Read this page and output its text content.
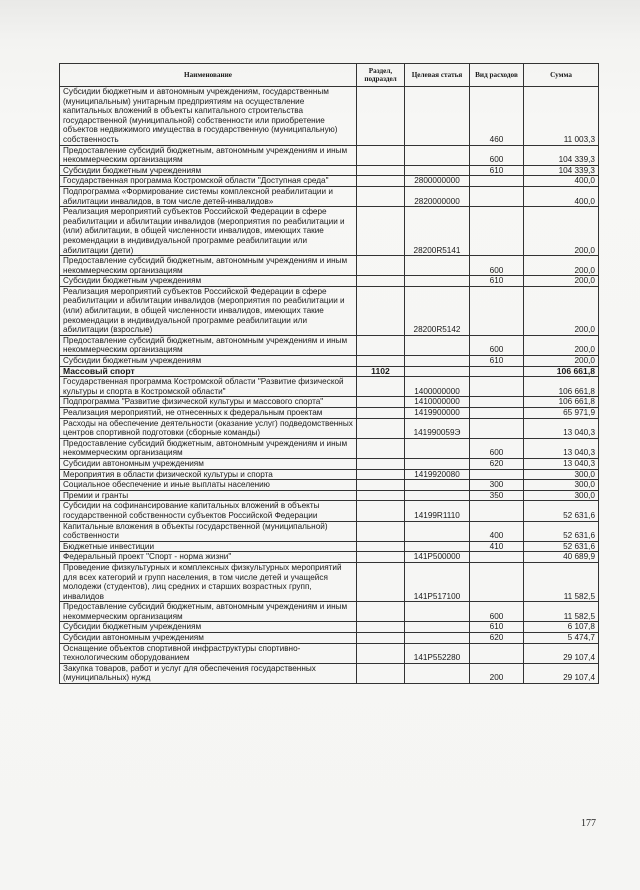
Наименование	Раздел, подраздел	Целевая статья	Вид расходов	Сумма
Субсидии бюджетным и автономным учреждениям, государственным (муниципальным) унитарным предприятиям на осуществление капитальных вложений в объекты капитального строительства государственной (муниципальной) собственности или приобретение объектов недвижимого имущества в государственную (муниципальную) собственность			460	11 003,3
Предоставление субсидий бюджетным, автономным учреждениям и иным некоммерческим организациям			600	104 339,3
Субсидии бюджетным учреждениям			610	104 339,3
Государственная программа Костромской области "Доступная среда"		2800000000		400,0
Подпрограмма «Формирование системы комплексной реабилитации и абилитации инвалидов, в том числе детей-инвалидов»		2820000000		400,0
Реализация мероприятий субъектов Российской Федерации в сфере реабилитации и абилитации инвалидов (мероприятия по реабилитации и (или) абилитации, в общей численности инвалидов, имеющих такие рекомендации в индивидуальной программе реабилитации или абилитации (дети)		28200R5141		200,0
Предоставление субсидий бюджетным, автономным учреждениям и иным некоммерческим организациям			600	200,0
Субсидии бюджетным учреждениям			610	200,0
Реализация мероприятий субъектов Российской Федерации в сфере реабилитации и абилитации инвалидов (мероприятия по реабилитации и (или) абилитации, в общей численности инвалидов, имеющих такие рекомендации в индивидуальной программе реабилитации или абилитации (взрослые)		28200R5142		200,0
Предоставление субсидий бюджетным, автономным учреждениям и иным некоммерческим организациям			600	200,0
Субсидии бюджетным учреждениям			610	200,0
Массовый спорт	1102			106 661,8
Государственная программа Костромской области "Развитие физической культуры и спорта в Костромской области"		1400000000		106 661,8
Подпрограмма "Развитие физической культуры и массового спорта"		1410000000		106 661,8
Реализация мероприятий, не отнесенных к федеральным проектам		1419900000		65 971,9
Расходы на обеспечение деятельности (оказание услуг) подведомственных центров спортивной подготовки (сборные команды)		141990059Э		13 040,3
Предоставление субсидий бюджетным, автономным учреждениям и иным некоммерческим организациям			600	13 040,3
Субсидии автономным учреждениям			620	13 040,3
Мероприятия в области физической культуры и спорта		1419920080		300,0
Социальное обеспечение и иные выплаты населению			300	300,0
Премии и гранты			350	300,0
Субсидии на софинансирование капитальных вложений в объекты государственной собственности субъектов Российской Федерации		14199R1110		52 631,6
Капитальные вложения в объекты государственной (муниципальной) собственности			400	52 631,6
Бюджетные инвестиции			410	52 631,6
Федеральный проект "Спорт - норма жизни"		141P500000		40 689,9
Проведение физкультурных и комплексных физкультурных мероприятий для всех категорий и групп населения, в том числе детей и учащейся молодежи (студентов), лиц средних и старших возрастных групп, инвалидов		141P517100		11 582,5
Предоставление субсидий бюджетным, автономным учреждениям и иным некоммерческим организациям			600	11 582,5
Субсидии бюджетным учреждениям			610	6 107,8
Субсидии автономным учреждениям			620	5 474,7
Оснащение объектов спортивной инфраструктуры спортивно-технологическим оборудованием		141P552280		29 107,4
Закупка товаров, работ и услуг для обеспечения государственных (муниципальных) нужд			200	29 107,4
177
